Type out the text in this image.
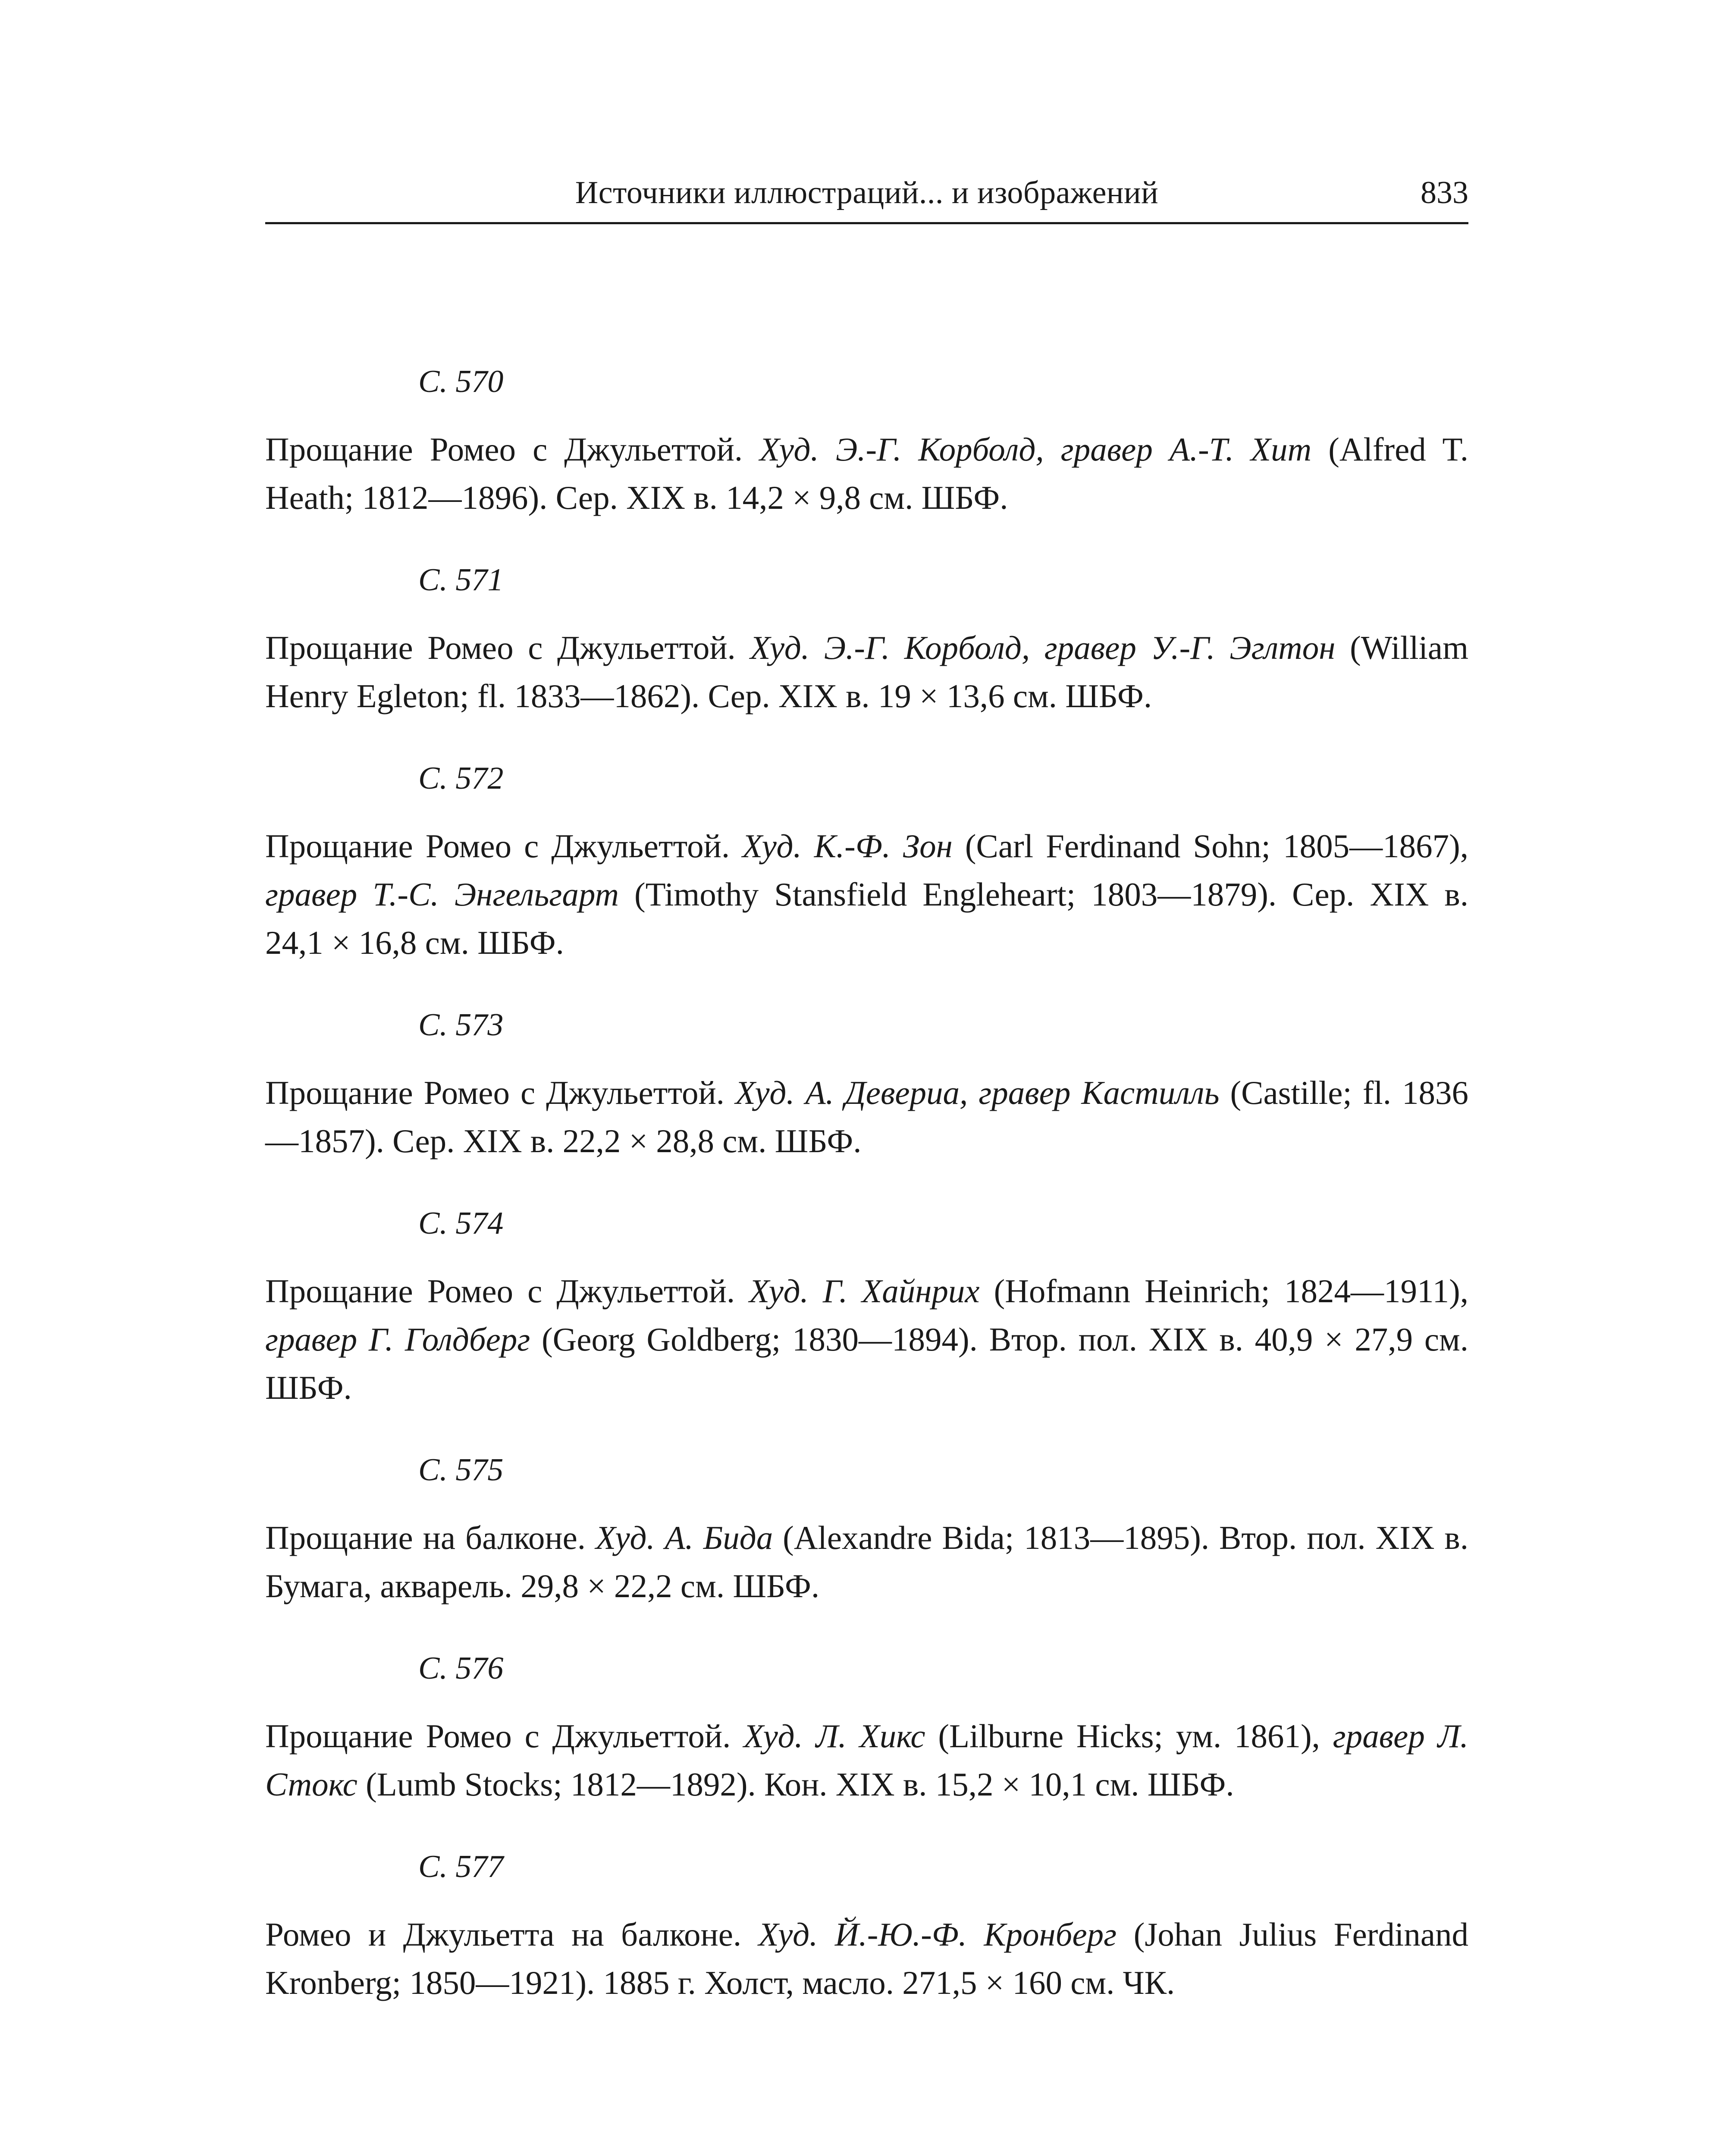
Источники иллюстраций... и изображений	833
С. 570

Прощание Ромео с Джульеттой. Худ. Э.-Г. Корболд, гравер А.-Т. Хит (Alfred T. Heath; 1812—1896). Сер. XIX в. 14,2 × 9,8 см. ШБФ.

С. 571

Прощание Ромео с Джульеттой. Худ. Э.-Г. Корболд, гравер У.-Г. Эглтон (William Henry Egleton; fl. 1833—1862). Сер. XIX в. 19 × 13,6 см. ШБФ.

С. 572

Прощание Ромео с Джульеттой. Худ. К.-Ф. Зон (Carl Ferdinand Sohn; 1805—1867), гравер Т.-С. Энгельгарт (Timothy Stansfield Engleheart; 1803—1879). Сер. XIX в. 24,1 × 16,8 см. ШБФ.

С. 573

Прощание Ромео с Джульеттой. Худ. А. Девериа, гравер Кастилль (Castille; fl. 1836—1857). Сер. XIX в. 22,2 × 28,8 см. ШБФ.

С. 574

Прощание Ромео с Джульеттой. Худ. Г. Хайнрих (Hofmann Heinrich; 1824—1911), гравер Г. Голдберг (Georg Goldberg; 1830—1894). Втор. пол. XIX в. 40,9 × 27,9 см. ШБФ.

С. 575

Прощание на балконе. Худ. А. Бида (Alexandre Bida; 1813—1895). Втор. пол. XIX в. Бумага, акварель. 29,8 × 22,2 см. ШБФ.

С. 576

Прощание Ромео с Джульеттой. Худ. Л. Хикс (Lilburne Hicks; ум. 1861), гравер Л. Стокс (Lumb Stocks; 1812—1892). Кон. XIX в. 15,2 × 10,1 см. ШБФ.

С. 577

Ромео и Джульетта на балконе. Худ. Й.-Ю.-Ф. Кронберг (Johan Julius Ferdinand Kronberg; 1850—1921). 1885 г. Холст, масло. 271,5 × 160 см. ЧК.
